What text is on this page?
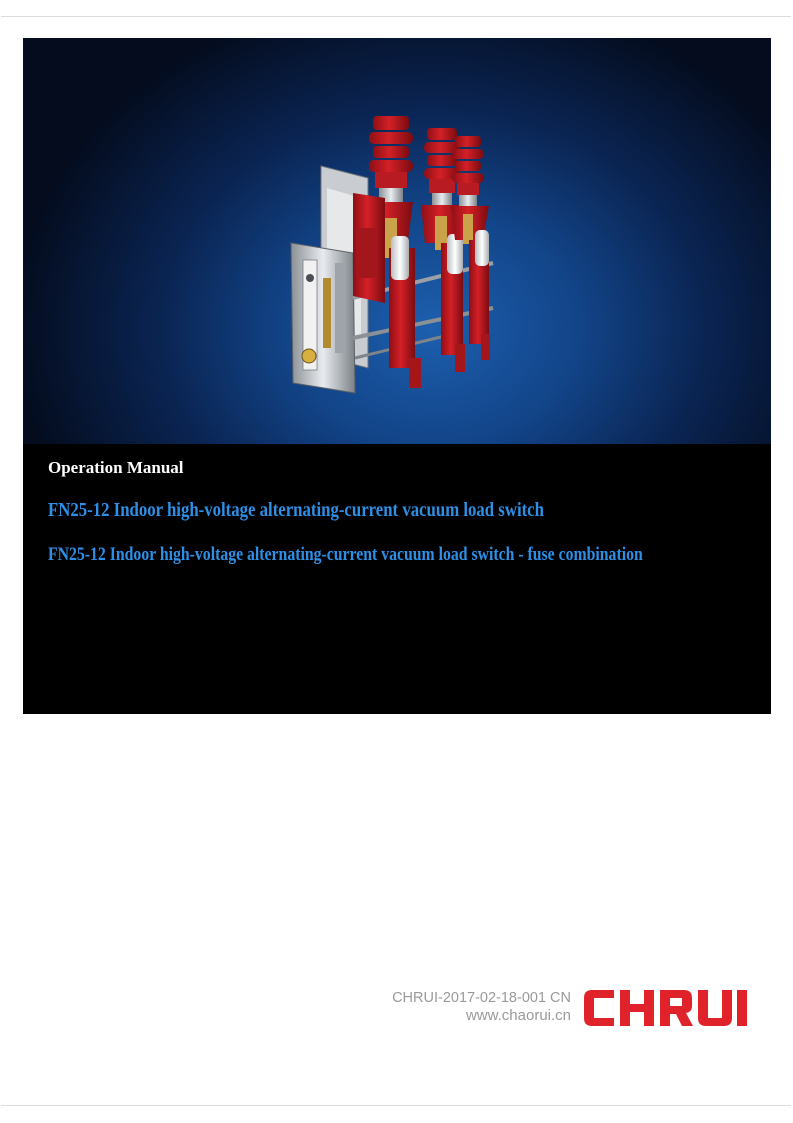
Operation Manual
FN25-12 Indoor high-voltage alternating-current vacuum load switch
FN25-12 Indoor high-voltage alternating-current vacuum load switch - fuse combination
CHRUI-2017-02-18-001 CN
www.chaorui.cn
